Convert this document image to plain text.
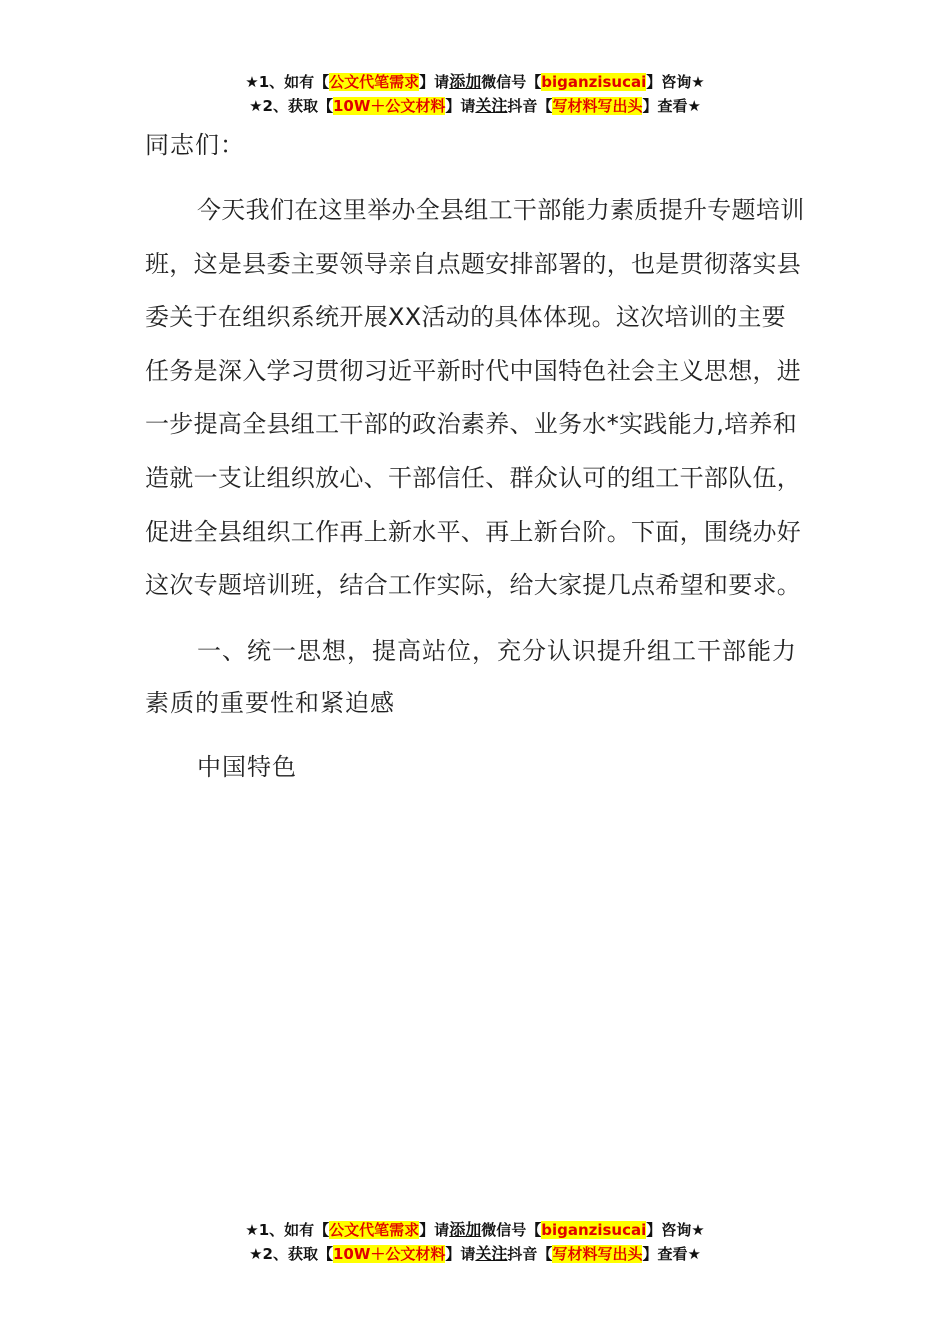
★1、如有【公文代笔需求】请添加微信号【biganzisucai】咨询★
★2、获取【10W＋公文材料】请关注抖音【写材料写出头】查看★

同志们：

今天我们在这里举办全县组工干部能力素质提升专题培训班，这是县委主要领导亲自点题安排部署的，也是贯彻落实县委关于在组织系统开展XX活动的具体体现。这次培训的主要任务是深入学习贯彻习近平新时代中国特色社会主义思想，进一步提高全县组工干部的政治素养、业务水*实践能力,培养和造就一支让组织放心、干部信任、群众认可的组工干部队伍，促进全县组织工作再上新水平、再上新台阶。下面，围绕办好这次专题培训班，结合工作实际，给大家提几点希望和要求。

一、统一思想，提高站位，充分认识提升组工干部能力素质的重要性和紧迫感

中国特色

★1、如有【公文代笔需求】请添加微信号【biganzisucai】咨询★
★2、获取【10W＋公文材料】请关注抖音【写材料写出头】查看★
